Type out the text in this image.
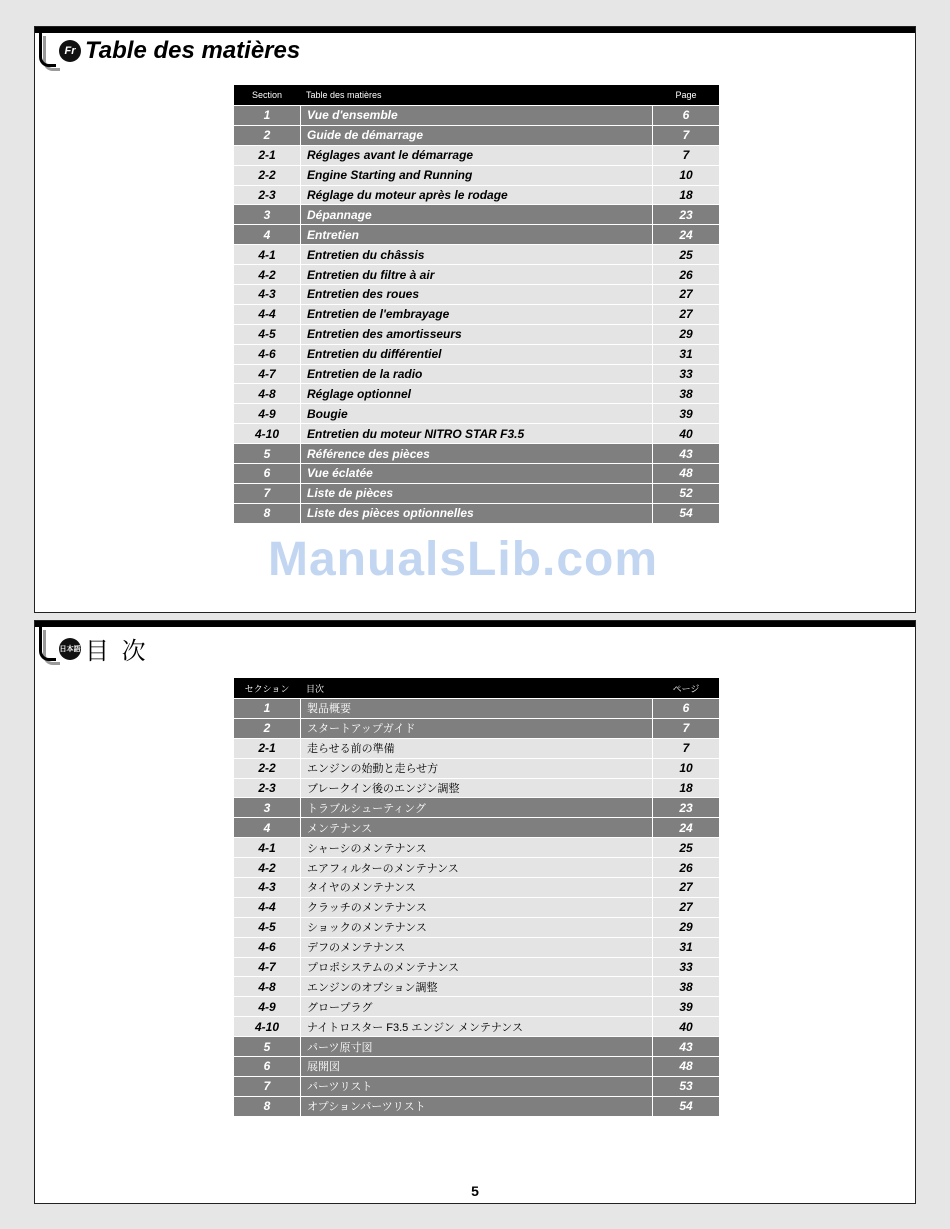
Fr Table des matières
Section	Table des matières	Page
1	Vue d'ensemble	6
2	Guide de démarrage	7
2-1	Réglages avant le démarrage	7
2-2	Engine Starting and Running	10
2-3	Réglage du moteur après le rodage	18
3	Dépannage	23
4	Entretien	24
4-1	Entretien du châssis	25
4-2	Entretien du filtre à air	26
4-3	Entretien des roues	27
4-4	Entretien de l'embrayage	27
4-5	Entretien des amortisseurs	29
4-6	Entretien du différentiel	31
4-7	Entretien de la radio	33
4-8	Réglage optionnel	38
4-9	Bougie	39
4-10	Entretien du moteur NITRO STAR F3.5	40
5	Référence des pièces	43
6	Vue éclatée	48
7	Liste de pièces	52
8	Liste des pièces optionnelles	54
ManualsLib.com
日本語 目 次
セクション	目次	ページ
1	製品概要	6
2	スタートアップガイド	7
2-1	走らせる前の準備	7
2-2	エンジンの始動と走らせ方	10
2-3	ブレークイン後のエンジン調整	18
3	トラブルシューティング	23
4	メンテナンス	24
4-1	シャーシのメンテナンス	25
4-2	エアフィルターのメンテナンス	26
4-3	タイヤのメンテナンス	27
4-4	クラッチのメンテナンス	27
4-5	ショックのメンテナンス	29
4-6	デフのメンテナンス	31
4-7	プロポシステムのメンテナンス	33
4-8	エンジンのオプション調整	38
4-9	グロープラグ	39
4-10	ナイトロスター F3.5 エンジン メンテナンス	40
5	パーツ原寸図	43
6	展開図	48
7	パーツリスト	53
8	オプションパーツリスト	54
5
